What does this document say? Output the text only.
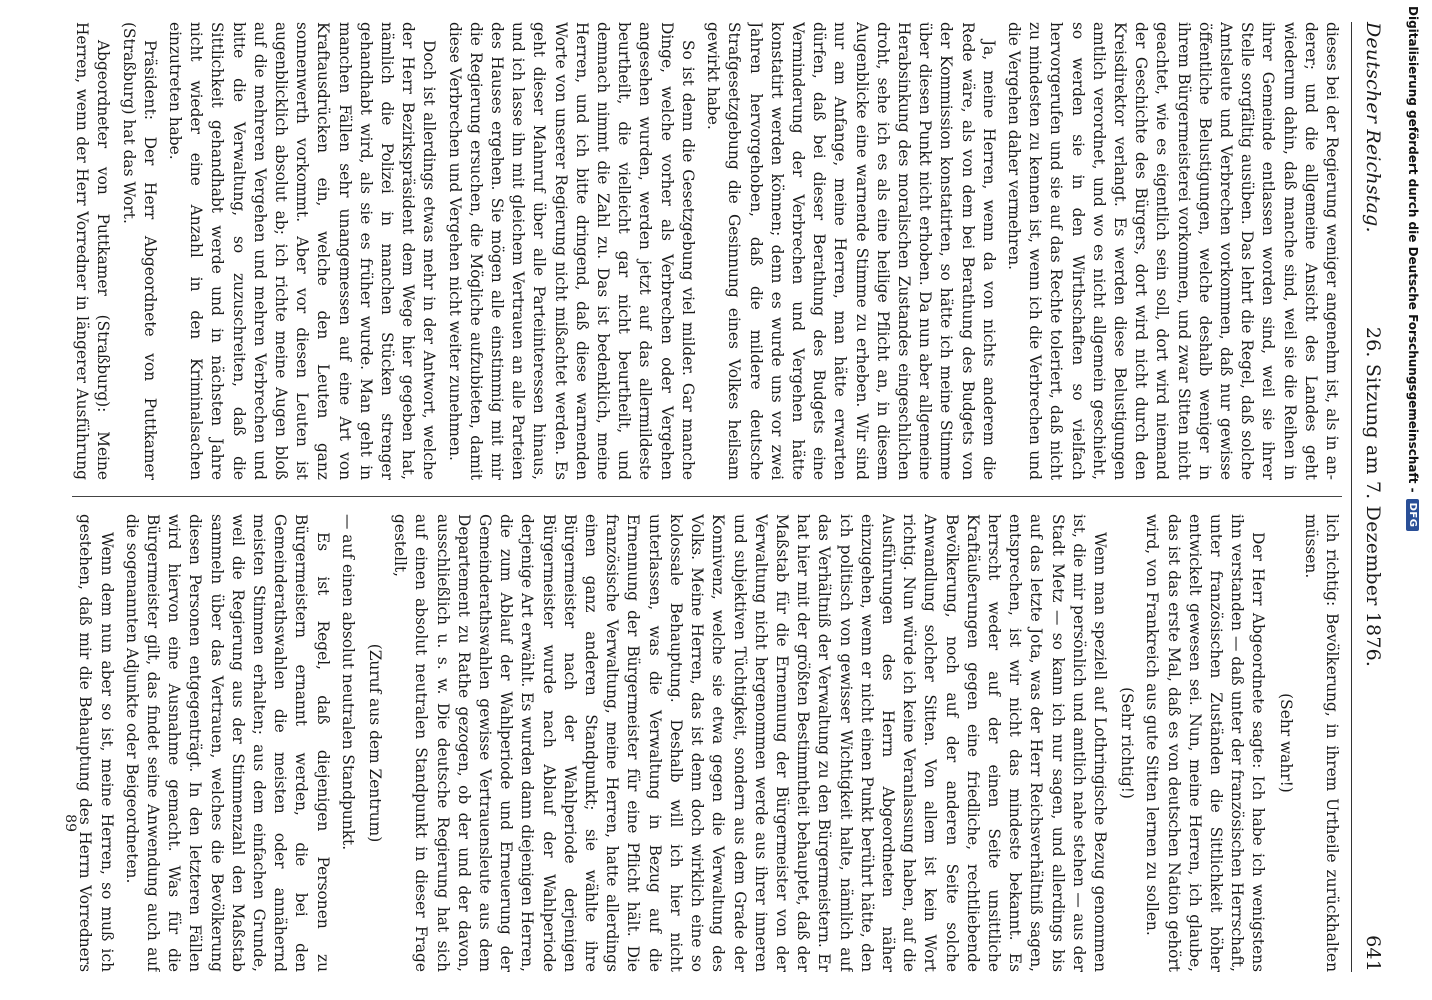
Deutscher Reichstag.
26. Sitzung am 7. Dezember 1876.
641

dieses bei der Regierung weniger angenehm ist, als in an- derer; und die allgemeine Ansicht des Landes geht wiederum dahin, daß manche sind, weil sie die Reihen in ihrer Gemeinde entlassen worden sind, weil sie ihrer Stelle sorgfältig ausüben. Das lehrt die Regel, daß solche Amtsleute und Verbrechen vorkommen, daß nur gewisse öffentliche Belustigungen, welche deshalb weniger in ihrem Bürgermeisterei vorkommen, und zwar Sitten nicht geachtet, wie es eigentlich sein soll, dort wird niemand der Geschichte des Bürgers, dort wird nicht durch den Kreisdirektor verlangt. Es werden diese Belustigungen amtlich verordnet, und wo es nicht allgemein geschieht, so werden sie in den Wirthschaften so vielfach hervorgerufen und sie auf das Rechte toleriert, daß nicht zu mindesten zu kennen ist, wenn ich die Verbrechen und die Vergehen daher vermehren.

Ja, meine Herren, wenn da von nichts anderem die Rede wäre, als von dem bei Berathung des Budgets von der Kommission konstatirten, so hätte ich meine Stimme über diesen Punkt nicht erhoben. Da nun aber allgemeine Herabsinkung des moralischen Zustandes eingeschlichen droht, sehe ich es als eine heilige Pflicht an, in diesem Augenblicke eine warnende Stimme zu erheben. Wir sind nur am Anfange, meine Herren, man hätte erwarten dürfen, daß bei dieser Berathung des Budgets eine Verminderung der Verbrechen und Vergehen hätte konstatirt werden können; denn es wurde uns vor zwei Jahren hervorgehoben, daß die mildere deutsche Strafgesetzgebung die Gesinnung eines Volkes heilsam gewirkt habe.

So ist denn die Gesetzgebung viel milder. Gar manche Dinge, welche vorher als Verbrechen oder Vergehen angesehen wurden, werden jetzt auf das allermildeste beurtheilt, die vielleicht gar nicht beurtheilt, und demnach nimmt die Zahl zu. Das ist bedenklich, meine Herren, und ich bitte dringend, daß diese warnenden Worte von unserer Regierung nicht mißachtet werden. Es geht dieser Mahnruf über alle Parteiinteressen hinaus, und ich lasse ihn mit gleichem Vertrauen an alle Parteien des Hauses ergehen. Sie mögen alle einstimmig mit mir die Regierung ersuchen, die Mögliche aufzubieten, damit diese Verbrechen und Vergehen nicht weiter zunehmen.

Doch ist allerdings etwas mehr in der Antwort, welche der Herr Bezirkspräsident dem Wege hier gegeben hat, nämlich die Polizei in manchen Stücken strenger gehandhabt wird, als sie es früher wurde. Man geht in manchen Fällen sehr unangemessen auf eine Art von Kraftausdrücken ein, welche den Leuten ganz sonnenwerth vorkommt. Aber vor diesen Leuten ist augenblicklich absolut ab; ich richte meine Augen bloß auf die mehreren Vergehen und mehren Verbrechen und bitte die Verwaltung, so zuzuschreiten, daß die Sittlichkeit gehandhabt werde und in nächsten Jahre nicht wieder eine Anzahl in den Kriminalsachen einzutreten habe.

Präsident: Der Herr Abgeordnete von Puttkamer (Straßburg) hat das Wort.

Abgeordneter von Puttkamer (Straßburg): Meine Herren, wenn der Herr Vorredner in längerer Ausführung

lich richtig: Bevölkerung, in ihrem Urtheile zurückhalten müssen.

(Sehr wahr!)

Der Herr Abgeordnete sagte: Ich habe ich wenigstens ihn verstanden — daß unter der französischen Herrschaft, unter französischen Zuständen die Sittlichkeit höher entwickelt gewesen sei. Nun, meine Herren, ich glaube, das ist das erste Mal, daß es von deutschen Nation gehört wird, von Frankreich aus gute Sitten lernen zu sollen.

(Sehr richtig!)

Wenn man speziell auf Lothringische Bezug genommen ist, die mir persönlich und amtlich nahe stehen — aus der Stadt Metz — so kann ich nur sagen, und allerdings bis auf das letzte Jota, was der Herr Reichsverhältniß sagen, entsprechen, ist wir nicht das mindeste bekannt. Es herrscht weder auf der einen Seite unsittliche Kraftäußerungen gegen eine friedliche, rechtliebende Bevölkerung, noch auf der anderen Seite solche Anwandlung solcher Sitten. Von allem ist kein Wort richtig. Nun würde ich keine Veranlassung haben, auf die Ausführungen des Herrn Abgeordneten näher einzugehen, wenn er nicht einen Punkt berührt hätte, den ich politisch von gewisser Wichtigkeit halte, nämlich auf das Verhältniß der Verwaltung zu den Bürgermeistern. Er hat hier mit der größten Bestimmtheit behauptet, daß der Maßstab für die Ernennung der Bürgermeister von der Verwaltung nicht hergenommen werde aus ihrer inneren und subjektiven Tüchtigkeit, sondern aus dem Grade der Konnivenz, welche sie etwa gegen die Verwaltung des Volks. Meine Herren, das ist denn doch wirklich eine so kolossale Behauptung. Deshalb will ich hier nicht unterlassen, was die Verwaltung in Bezug auf die Ernennung der Bürgermeister für eine Pflicht hält. Die französische Verwaltung, meine Herren, hatte allerdings einen ganz anderen Standpunkt; sie wählte ihre Bürgermeister nach der Wahlperiode derjenigen Bürgermeister wurde nach Ablauf der Wahlperiode derjenige Art erwählt. Es wurden dann diejenigen Herren, die zum Ablauf der Wahlperiode und Erneuerung der Gemeinderathswahlen gewisse Vertrauensleute aus dem Departement zu Rathe gezogen, ob der und der davon, ausschließlich u. s. w. Die deutsche Regierung hat sich auf einen absolut neutralen Standpunkt in dieser Frage gestellt,

(Zuruf aus dem Zentrum)

— auf einen absolut neutralen Standpunkt.

Es ist Regel, daß diejenigen Personen zu Bürgermeistern ernannt werden, die bei den Gemeinderathswahlen die meisten oder annähernd meisten Stimmen erhalten; aus dem einfachen Grunde, weil die Regierung aus der Stimmenzahl den Maßstab sammeln über das Vertrauen, welches die Bevölkerung diesen Personen entgegenträgt. In den letzteren Fällen wird hiervon eine Ausnahme gemacht. Was für die Bürgermeister gilt, das findet seine Anwendung auch auf die sogenannten Adjunkte oder Beigeordneten.

Wenn dem nun aber so ist, meine Herren, so muß ich gestehen, daß mir die Behauptung des Herrn Vorredners

89
Digitalisierung gefördert durch die Deutsche Forschungsgemeinschaft -
DFG
